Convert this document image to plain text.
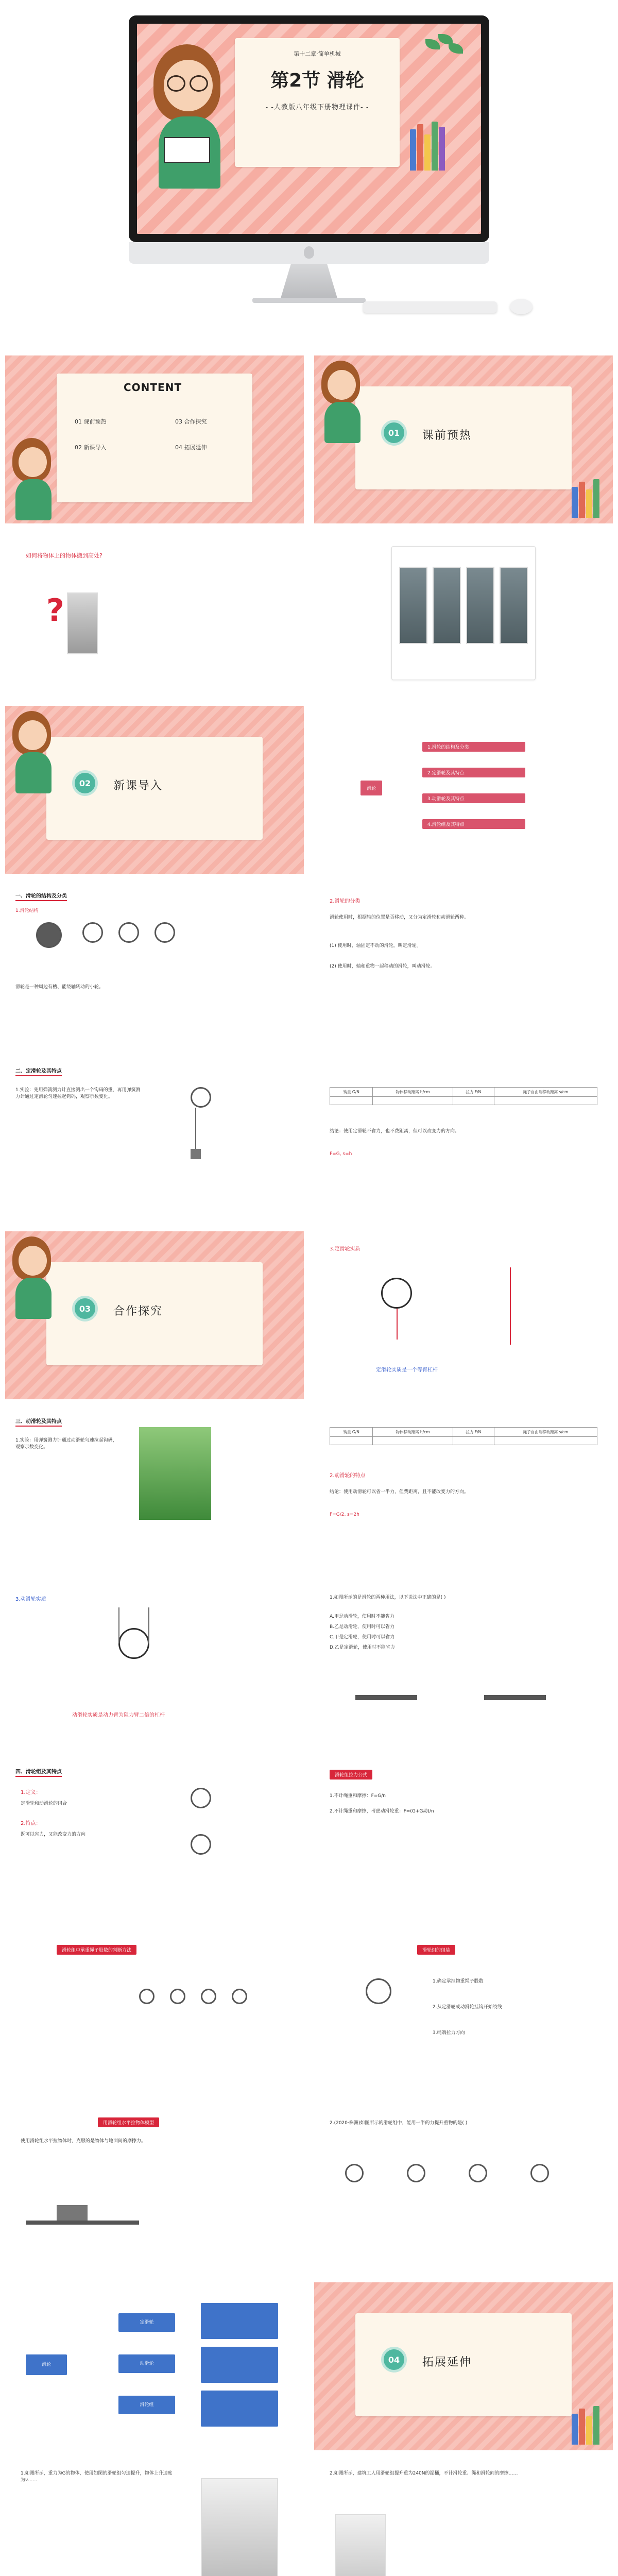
第十二章·简单机械
第2节 滑轮
- -人教版八年级下册物理课件- -
CONTENT
01 课前预热	03 合作探究
02 新课导入	04 拓展延伸
01	课前预热
如何将物体上的物体搬到高处?
?
02	新课导入	滑轮
1.滑轮的结构及分类
2.定滑轮及其特点
3.动滑轮及其特点
4.滑轮组及其特点
一、滑轮的结构及分类
1.滑轮结构
滑轮是一种周边有槽、能绕轴转动的小轮。
2.滑轮的分类
滑轮使用时，根据轴的位置是否移动，又分为定滑轮和动滑轮两种。
(1) 使用时，轴固定不动的滑轮，叫定滑轮。
(2) 使用时，轴和重物一起移动的滑轮，叫动滑轮。
二、定滑轮及其特点
1.实验：先用弹簧测力计直接测出一个钩码的重，再用弹簧测力计通过定滑轮匀速拉起钩码，观察示数变化。
钩重 G/N	物体移动距离 h/cm	拉力 F/N	绳子自由端移动距离 s/cm

结论：使用定滑轮不省力，也不费距离，但可以改变力的方向。
F=G, s=h
03	合作探究
3.定滑轮实质
定滑轮实质是一个等臂杠杆
三、动滑轮及其特点
1.实验：用弹簧测力计通过动滑轮匀速拉起钩码，观察示数变化。
钩重 G/N	物体移动距离 h/cm	拉力 F/N	绳子自由端移动距离 s/cm

2.动滑轮的特点
结论：使用动滑轮可以省一半力，但费距离，且不能改变力的方向。
F=G/2, s=2h
3.动滑轮实质
动滑轮实质是动力臂为阻力臂二倍的杠杆
1.如图所示的是滑轮的两种用法，以下说法中正确的是( )
A.甲是动滑轮，使用时不能省力
B.乙是动滑轮，使用时可以省力
C.甲是定滑轮，使用时可以省力
D.乙是定滑轮，使用时不能省力
四、滑轮组及其特点
1.定义：
定滑轮和动滑轮的组合
2.特点：
既可以省力，又能改变力的方向
滑轮组拉力公式
1.不计绳重和摩擦：F=G/n
2.不计绳重和摩擦，考虑动滑轮重：F=(G+G动)/n
滑轮组中承重绳子股数的判断方法	滑轮组的组装
1.确定承担物重绳子股数
2.从定滑轮或动滑轮挂钩开始绕线
3.绳端拉力方向
用滑轮组水平拉物体模型
使用滑轮组水平拉物体时，克服的是物体与地面间的摩擦力。
2.(2020·株洲)如图所示的滑轮组中，能用一半的力提升重物的是( )
滑轮
定滑轮
动滑轮
滑轮组
04	拓展延伸
1.如图所示，重力为G的物体，使用如图的滑轮组匀速提升，物体上升速度为v……
2.如图所示，建筑工人用滑轮组提升重为240N的泥桶，不计滑轮重、绳和滑轮间的摩擦……
